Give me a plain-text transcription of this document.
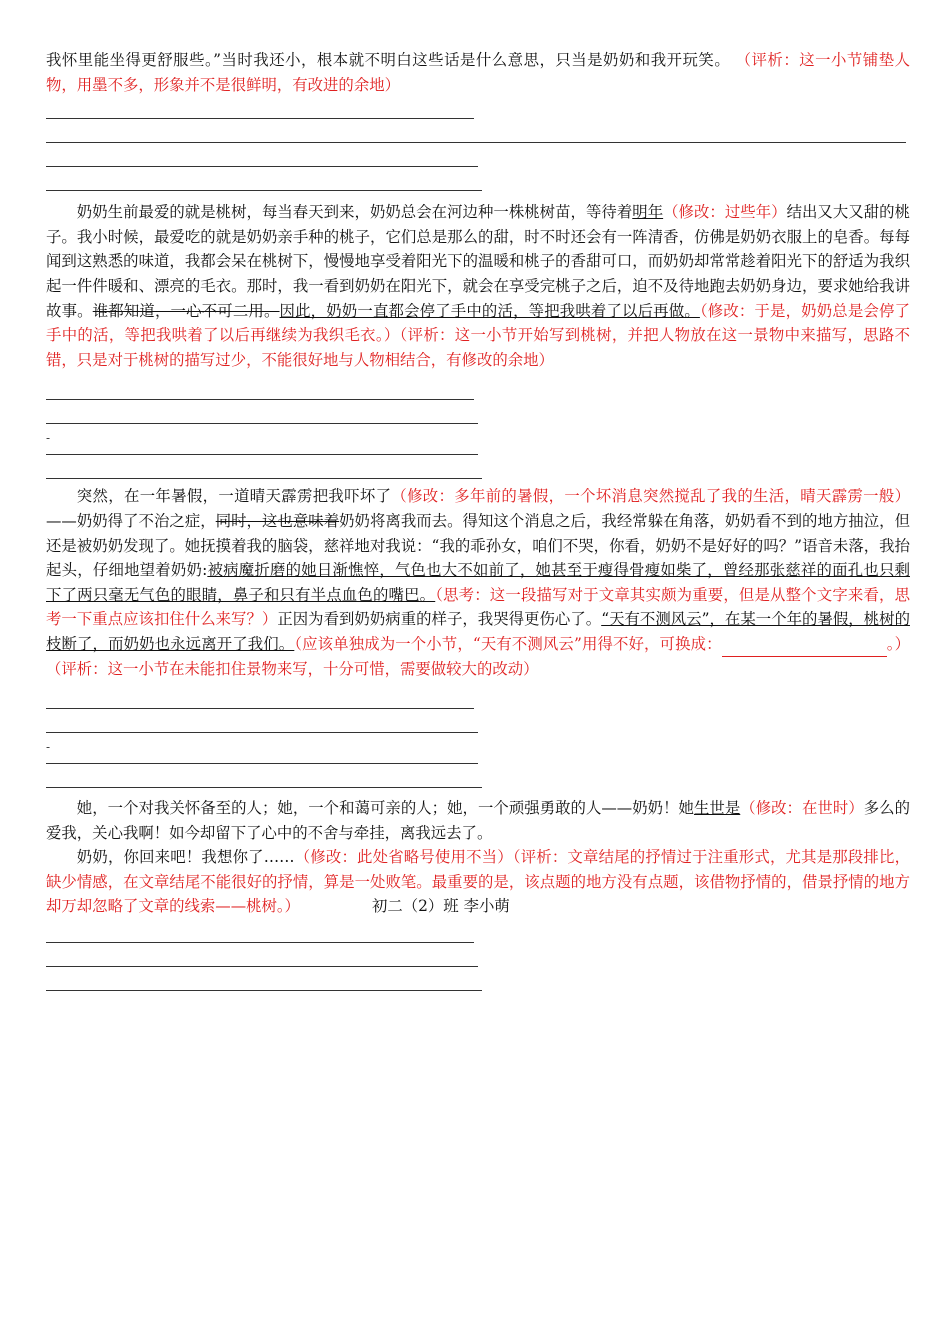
我怀里能坐得更舒服些。”当时我还小，根本就不明白这些话是什么意思，只当是奶奶和我开玩笑。 （评析：这一小节铺垫人物，用墨不多，形象并不是很鲜明，有改进的余地）

奶奶生前最爱的就是桃树，每当春天到来，奶奶总会在河边种一株桃树苗，等待着明年（修改：过些年）结出又大又甜的桃子。我小时候，最爱吃的就是奶奶亲手种的桃子，它们总是那么的甜，时不时还会有一阵清香，仿佛是奶奶衣服上的皂香。每每闻到这熟悉的味道，我都会呆在桃树下，慢慢地享受着阳光下的温暖和桃子的香甜可口，而奶奶却常常趁着阳光下的舒适为我织起一件件暖和、漂亮的毛衣。那时，我一看到奶奶在阳光下，就会在享受完桃子之后，迫不及待地跑去奶奶身边，要求她给我讲故事。谁都知道，一心不可二用。因此，奶奶一直都会停了手中的活，等把我哄着了以后再做。（修改：于是，奶奶总是会停了手中的活，等把我哄着了以后再继续为我织毛衣。）（评析：这一小节开始写到桃树，并把人物放在这一景物中来描写，思路不错，只是对于桃树的描写过少，不能很好地与人物相结合，有修改的余地）

-

突然，在一年暑假，一道晴天霹雳把我吓坏了（修改：多年前的暑假，一个坏消息突然搅乱了我的生活，晴天霹雳一般）——奶奶得了不治之症，同时，这也意味着奶奶将离我而去。得知这个消息之后，我经常躲在角落，奶奶看不到的地方抽泣，但还是被奶奶发现了。她抚摸着我的脑袋，慈祥地对我说：“我的乖孙女，咱们不哭，你看，奶奶不是好好的吗？”语音未落，我抬起头，仔细地望着奶奶:被病魔折磨的她日渐憔悴，气色也大不如前了，她甚至于瘦得骨瘦如柴了，曾经那张慈祥的面孔也只剩下了两只毫无气色的眼睛，鼻子和只有半点血色的嘴巴。（思考：这一段描写对于文章其实颇为重要，但是从整个文字来看，思考一下重点应该扣住什么来写？）正因为看到奶奶病重的样子，我哭得更伤心了。“天有不测风云”，在某一个年的暑假，桃树的枝断了，而奶奶也永远离开了我们。（应该单独成为一个小节，“天有不测风云”用得不好，可换成：	。）（评析：这一小节在未能扣住景物来写，十分可惜，需要做较大的改动）

-

她，一个对我关怀备至的人；她，一个和蔼可亲的人；她，一个顽强勇敢的人——奶奶！她生世是（修改：在世时）多么的爱我，关心我啊！如今却留下了心中的不舍与牵挂，离我远去了。

奶奶，你回来吧！我想你了……（修改：此处省略号使用不当）（评析：文章结尾的抒情过于注重形式，尤其是那段排比，缺少情感，在文章结尾不能很好的抒情，算是一处败笔。最重要的是，该点题的地方没有点题，该借物抒情的，借景抒情的地方却万却忽略了文章的线索——桃树。）	初二（2）班 李小萌
